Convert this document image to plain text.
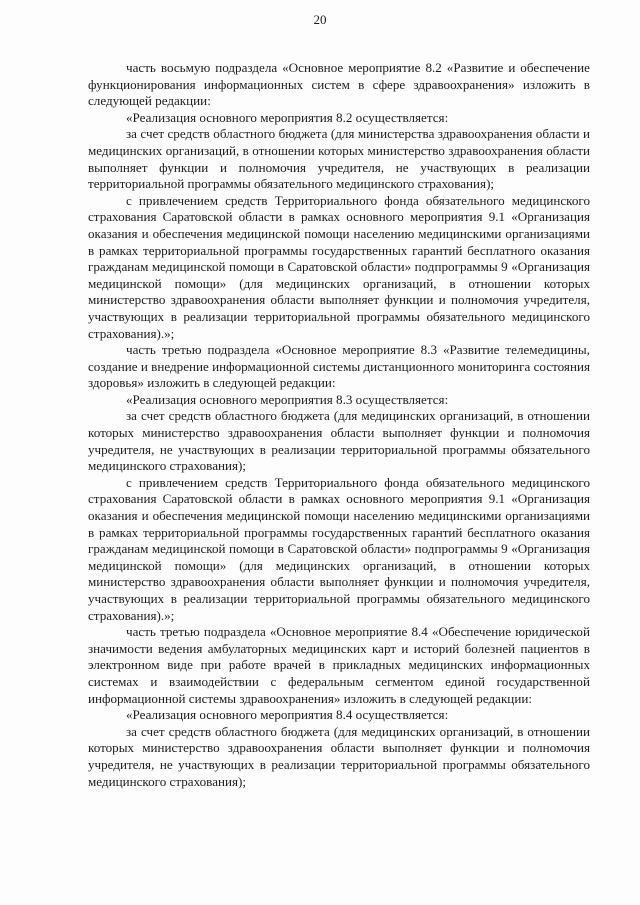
20

часть восьмую подраздела «Основное мероприятие 8.2 «Развитие и обеспечение функционирования информационных систем в сфере здравоохранения» изложить в следующей редакции:

«Реализация основного мероприятия 8.2 осуществляется:

за счет средств областного бюджета (для министерства здравоохранения области и медицинских организаций, в отношении которых министерство здравоохранения области выполняет функции и полномочия учредителя, не участвующих в реализации территориальной программы обязательного медицинского страхования);

с привлечением средств Территориального фонда обязательного медицинского страхования Саратовской области в рамках основного мероприятия 9.1 «Организация оказания и обеспечения медицинской помощи населению медицинскими организациями в рамках территориальной программы государственных гарантий бесплатного оказания гражданам медицинской помощи в Саратовской области» подпрограммы 9 «Организация медицинской помощи» (для медицинских организаций, в отношении которых министерство здравоохранения области выполняет функции и полномочия учредителя, участвующих в реализации территориальной программы обязательного медицинского страхования).»;

часть третью подраздела «Основное мероприятие 8.3 «Развитие телемедицины, создание и внедрение информационной системы дистанционного мониторинга состояния здоровья» изложить в следующей редакции:

«Реализация основного мероприятия 8.3 осуществляется:

за счет средств областного бюджета (для медицинских организаций, в отношении которых министерство здравоохранения области выполняет функции и полномочия учредителя, не участвующих в реализации территориальной программы обязательного медицинского страхования);

с привлечением средств Территориального фонда обязательного медицинского страхования Саратовской области в рамках основного мероприятия 9.1 «Организация оказания и обеспечения медицинской помощи населению медицинскими организациями в рамках территориальной программы государственных гарантий бесплатного оказания гражданам медицинской помощи в Саратовской области» подпрограммы 9 «Организация медицинской помощи» (для медицинских организаций, в отношении которых министерство здравоохранения области выполняет функции и полномочия учредителя, участвующих в реализации территориальной программы обязательного медицинского страхования).»;

часть третью подраздела «Основное мероприятие 8.4 «Обеспечение юридической значимости ведения амбулаторных медицинских карт и историй болезней пациентов в электронном виде при работе врачей в прикладных медицинских информационных системах и взаимодействии с федеральным сегментом единой государственной информационной системы здравоохранения» изложить в следующей редакции:

«Реализация основного мероприятия 8.4 осуществляется:

за счет средств областного бюджета (для медицинских организаций, в отношении которых министерство здравоохранения области выполняет функции и полномочия учредителя, не участвующих в реализации территориальной программы обязательного медицинского страхования);
